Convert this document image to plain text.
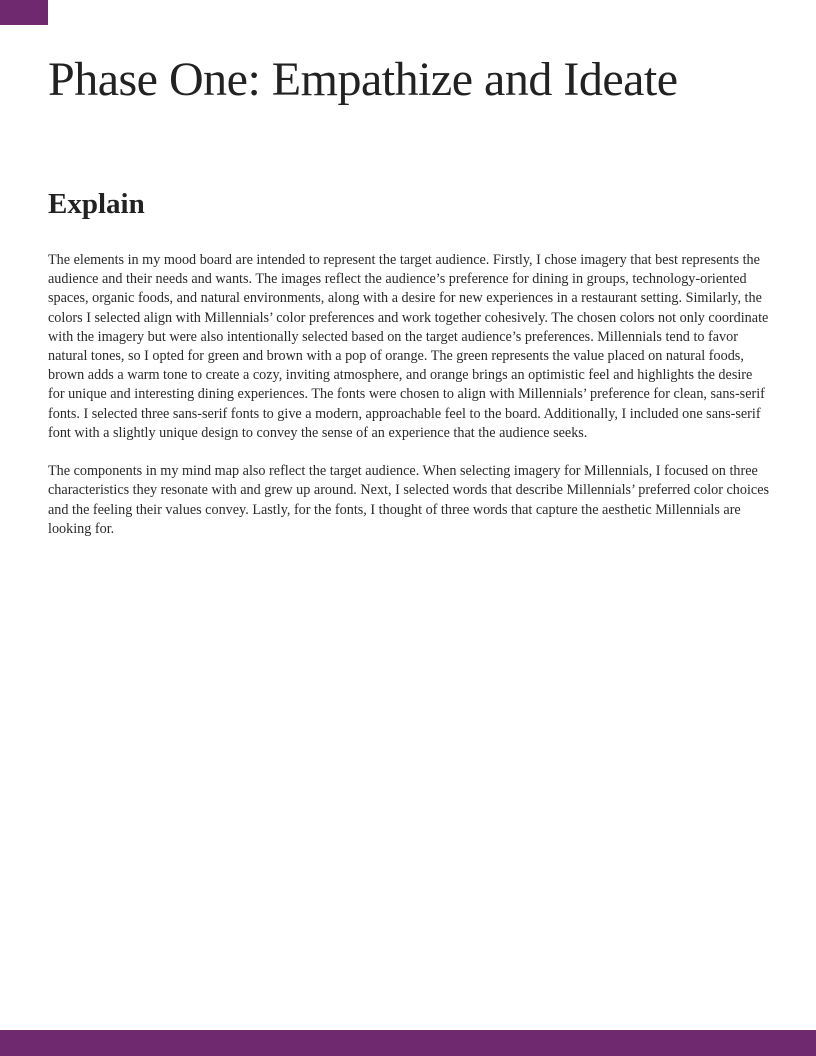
Phase One: Empathize and Ideate
Explain

The elements in my mood board are intended to represent the target audience. Firstly, I chose imagery that best represents the audience and their needs and wants. The images reflect the audience’s preference for dining in groups, technology-oriented spaces, organic foods, and natural environments, along with a desire for new experiences in a restaurant setting. Similarly, the colors I selected align with Millennials’ color preferences and work together cohesively. The chosen colors not only coordinate with the imagery but were also intentionally selected based on the target audience’s preferences. Millennials tend to favor natural tones, so I opted for green and brown with a pop of orange. The green represents the value placed on natural foods, brown adds a warm tone to create a cozy, inviting atmosphere, and orange brings an optimistic feel and highlights the desire for unique and interesting dining experiences. The fonts were chosen to align with Millennials’ preference for clean, sans-serif fonts. I selected three sans-serif fonts to give a modern, approachable feel to the board. Additionally, I included one sans-serif font with a slightly unique design to convey the sense of an experience that the audience seeks.

The components in my mind map also reflect the target audience. When selecting imagery for Millennials, I focused on three characteristics they resonate with and grew up around. Next, I selected words that describe Millennials’ preferred color choices and the feeling their values convey. Lastly, for the fonts, I thought of three words that capture the aesthetic Millennials are looking for.
